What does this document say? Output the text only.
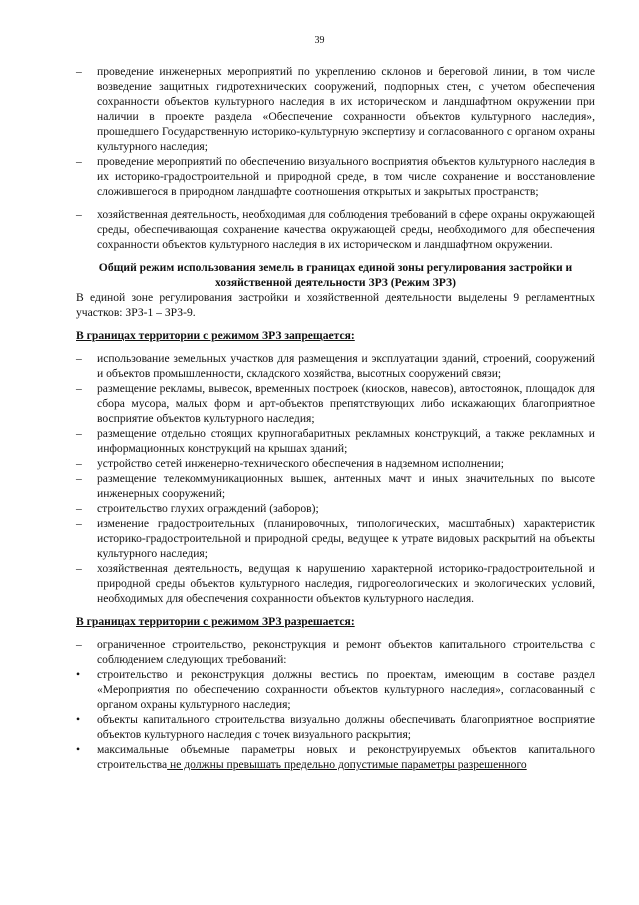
39
–	проведение инженерных мероприятий по укреплению склонов и береговой линии, в том числе возведение защитных гидротехнических сооружений, подпорных стен, с учетом обеспечения сохранности объектов культурного наследия в их историческом и ландшафтном окружении при наличии в проекте раздела «Обеспечение сохранности объектов культурного наследия», прошедшего Государственную историко-культурную экспертизу и согласованного с органом охраны культурного наследия;
–	проведение мероприятий по обеспечению визуального восприятия объектов культурного наследия в их историко-градостроительной и природной среде, в том числе сохранение и восстановление сложившегося в природном ландшафте соотношения открытых и закрытых пространств;
–	хозяйственная деятельность, необходимая для соблюдения требований в сфере охраны окружающей среды, обеспечивающая сохранение качества окружающей среды, необходимого для обеспечения сохранности объектов культурного наследия в их историческом и ландшафтном окружении.
Общий режим использования земель в границах единой зоны регулирования застройки и хозяйственной деятельности ЗРЗ (Режим ЗРЗ)
В единой зоне регулирования застройки и хозяйственной деятельности выделены 9 регламентных участков: ЗРЗ-1 – ЗРЗ-9.
В границах территории с режимом ЗРЗ запрещается:
–	использование земельных участков для размещения и эксплуатации зданий, строений, сооружений и объектов промышленности, складского хозяйства, высотных сооружений связи;
–	размещение рекламы, вывесок, временных построек (киосков, навесов), автостоянок, площадок для сбора мусора, малых форм и арт-объектов препятствующих либо искажающих благоприятное восприятие объектов культурного наследия;
–	размещение отдельно стоящих крупногабаритных рекламных конструкций, а также рекламных и информационных конструкций на крышах зданий;
–	устройство сетей инженерно-технического обеспечения в надземном исполнении;
–	размещение телекоммуникационных вышек, антенных мачт и иных значительных по высоте инженерных сооружений;
–	строительство глухих ограждений (заборов);
–	изменение градостроительных (планировочных, типологических, масштабных) характеристик историко-градостроительной и природной среды, ведущее к утрате видовых раскрытий на объекты культурного наследия;
–	хозяйственная деятельность, ведущая к нарушению характерной историко-градостроительной и природной среды объектов культурного наследия, гидрогеологических и экологических условий, необходимых для обеспечения сохранности объектов культурного наследия.
В границах территории с режимом ЗРЗ разрешается:
–	ограниченное строительство, реконструкция и ремонт объектов капитального строительства с соблюдением следующих требований:
•	строительство и реконструкция должны вестись по проектам, имеющим в составе раздел «Мероприятия по обеспечению сохранности объектов культурного наследия», согласованный с органом охраны культурного наследия;
•	объекты капитального строительства визуально должны обеспечивать благоприятное восприятие объектов культурного наследия с точек визуального раскрытия;
•	максимальные объемные параметры новых и реконструируемых объектов капитального строительства не должны превышать предельно допустимые параметры разрешенного
